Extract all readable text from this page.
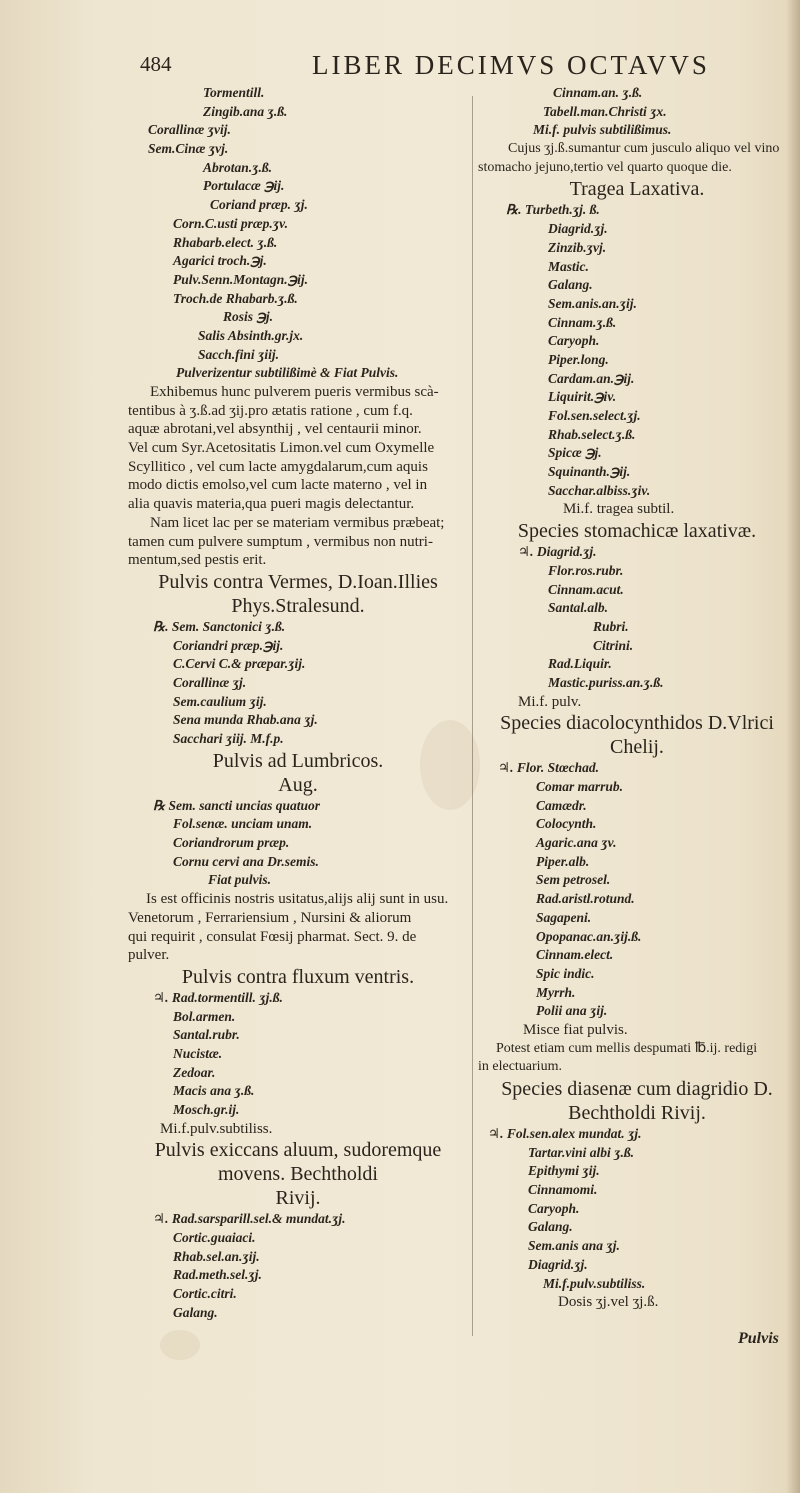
484	LIBER DECIMVS OCTAVVS
Tormentill.
Zingib.ana ʒ.ß.
Corallinæ ʒvij.
Sem.Cinæ ʒvj.
Abrotan.ʒ.ß.
Portulacæ ℈ij.
Coriand præp. ʒj.
Corn.C.usti præp.ʒv.
Rhabarb.elect. ʒ.ß.
Agarici troch.℈j.
Pulv.Senn.Montagn.℈ij.
Troch.de Rhabarb.ʒ.ß.
Rosis ℈j.
Salis Absinth.gr.jx.
Sacch.fini ʒiij.
Pulverizentur subtilißimè & Fiat Pulvis.
Exhibemus hunc pulverem pueris vermibus scà-
tentibus à ʒ.ß.ad ʒij.pro ætatis ratione , cum f.q.
aquæ abrotani,vel absynthij , vel centaurii minor.
Vel cum Syr.Acetositatis Limon.vel cum Oxymelle
Scyllitico , vel cum lacte amygdalarum,cum aquis
modo dictis emolso,vel cum lacte materno , vel in
alia quavis materia,qua pueri magis delectantur.
Nam licet lac per se materiam vermibus præbeat;
tamen cum pulvere sumptum , vermibus non nutri-
mentum,sed pestis erit.
Pulvis contra Vermes, D.Ioan.Illies
Phys.Stralesund.
℞. Sem. Sanctonici ʒ.ß.
Coriandri præp.℈ij.
C.Cervi C.& præpar.ʒij.
Corallinæ ʒj.
Sem.caulium ʒij.
Sena munda Rhab.ana ʒj.
Sacchari ʒiij. M.f.p.
Pulvis ad Lumbricos.
Aug.
℞ Sem. sancti uncias quatuor
Fol.senæ. unciam unam.
Coriandrorum præp.
Cornu cervi ana Dr.semis.
Fiat pulvis.
Is est officinis nostris usitatus,alijs alij sunt in usu.
Venetorum , Ferrariensium , Nursini & aliorum
qui requirit , consulat Fœsij pharmat. Sect. 9. de
pulver.
Pulvis contra fluxum ventris.
♃. Rad.tormentill. ʒj.ß.
Bol.armen.
Santal.rubr.
Nucistæ.
Zedoar.
Macis ana ʒ.ß.
Mosch.gr.ij.
Mi.f.pulv.subtiliss.
Pulvis exiccans aluum, sudoremque
movens. Bechtholdi
Rivij.
♃. Rad.sarsparill.sel.& mundat.ʒj.
Cortic.guaiaci.
Rhab.sel.an.ʒij.
Rad.meth.sel.ʒj.
Cortic.citri.
Galang.
Cinnam.an. ʒ.ß.
Tabell.man.Christi ʒx.
Mi.f. pulvis subtilißimus.
Cujus ʒj.ß.sumantur cum jusculo aliquo vel vino
stomacho jejuno,tertio vel quarto quoque die.
Tragea Laxativa.
℞. Turbeth.ʒj. ß.
Diagrid.ʒj.
Zinzib.ʒvj.
Mastic.
Galang.
Sem.anis.an.ʒij.
Cinnam.ʒ.ß.
Caryoph.
Piper.long.
Cardam.an.℈ij.
Liquirit.℈iv.
Fol.sen.select.ʒj.
Rhab.select.ʒ.ß.
Spicæ ℈j.
Squinanth.℈ij.
Sacchar.albiss.ʒiv.
Mi.f. tragea subtil.
Species stomachicæ laxativæ.
♃. Diagrid.ʒj.
Flor.ros.rubr.
Cinnam.acut.
Santal.alb.
Rubri.
Citrini.
Rad.Liquir.
Mastic.puriss.an.ʒ.ß.
Mi.f. pulv.
Species diacolocynthidos D.Vlrici
Chelij.
♃. Flor. Stœchad.
Comar marrub.
Camædr.
Colocynth.
Agaric.ana ʒv.
Piper.alb.
Sem petrosel.
Rad.aristl.rotund.
Sagapeni.
Opopanac.an.ʒij.ß.
Cinnam.elect.
Spic indic.
Myrrh.
Polii ana ʒij.
Misce fiat pulvis.
Potest etiam cum mellis despumati ℔.ij. redigi
in electuarium.
Species diasenæ cum diagridio D.
Bechtholdi Rivij.
♃. Fol.sen.alex mundat. ʒj.
Tartar.vini albi ʒ.ß.
Epithymi ʒij.
Cinnamomi.
Caryoph.
Galang.
Sem.anis ana ʒj.
Diagrid.ʒj.
Mi.f.pulv.subtiliss.
Dosis ʒj.vel ʒj.ß.
Pulvis
